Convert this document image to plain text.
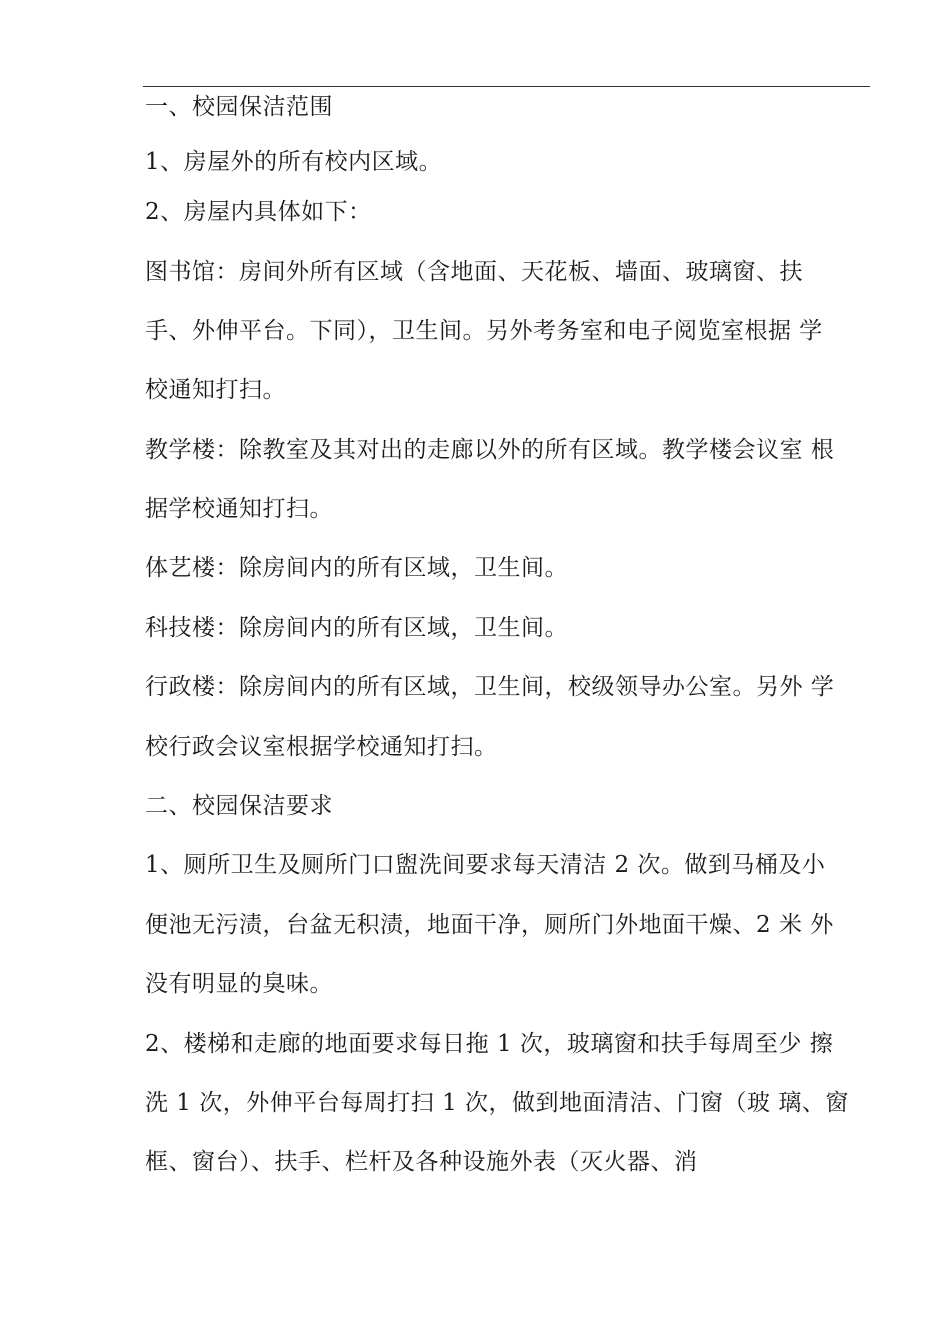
一、校园保洁范围
1、房屋外的所有校内区域。
2、房屋内具体如下：
图书馆：房间外所有区域（含地面、天花板、墙面、玻璃窗、扶
手、外伸平台。下同），卫生间。另外考务室和电子阅览室根据 学
校通知打扫。
教学楼：除教室及其对出的走廊以外的所有区域。教学楼会议室 根
据学校通知打扫。
体艺楼：除房间内的所有区域，卫生间。
科技楼：除房间内的所有区域，卫生间。
行政楼：除房间内的所有区域，卫生间，校级领导办公室。另外 学
校行政会议室根据学校通知打扫。
二、校园保洁要求
1、厕所卫生及厕所门口盥洗间要求每天清洁 2 次。做到马桶及小
便池无污渍，台盆无积渍，地面干净，厕所门外地面干燥、2 米 外
没有明显的臭味。
2、楼梯和走廊的地面要求每日拖 1 次，玻璃窗和扶手每周至少 擦
洗 1 次，外伸平台每周打扫 1 次，做到地面清洁、门窗（玻 璃、窗
框、窗台）、扶手、栏杆及各种设施外表（灭火器、消
